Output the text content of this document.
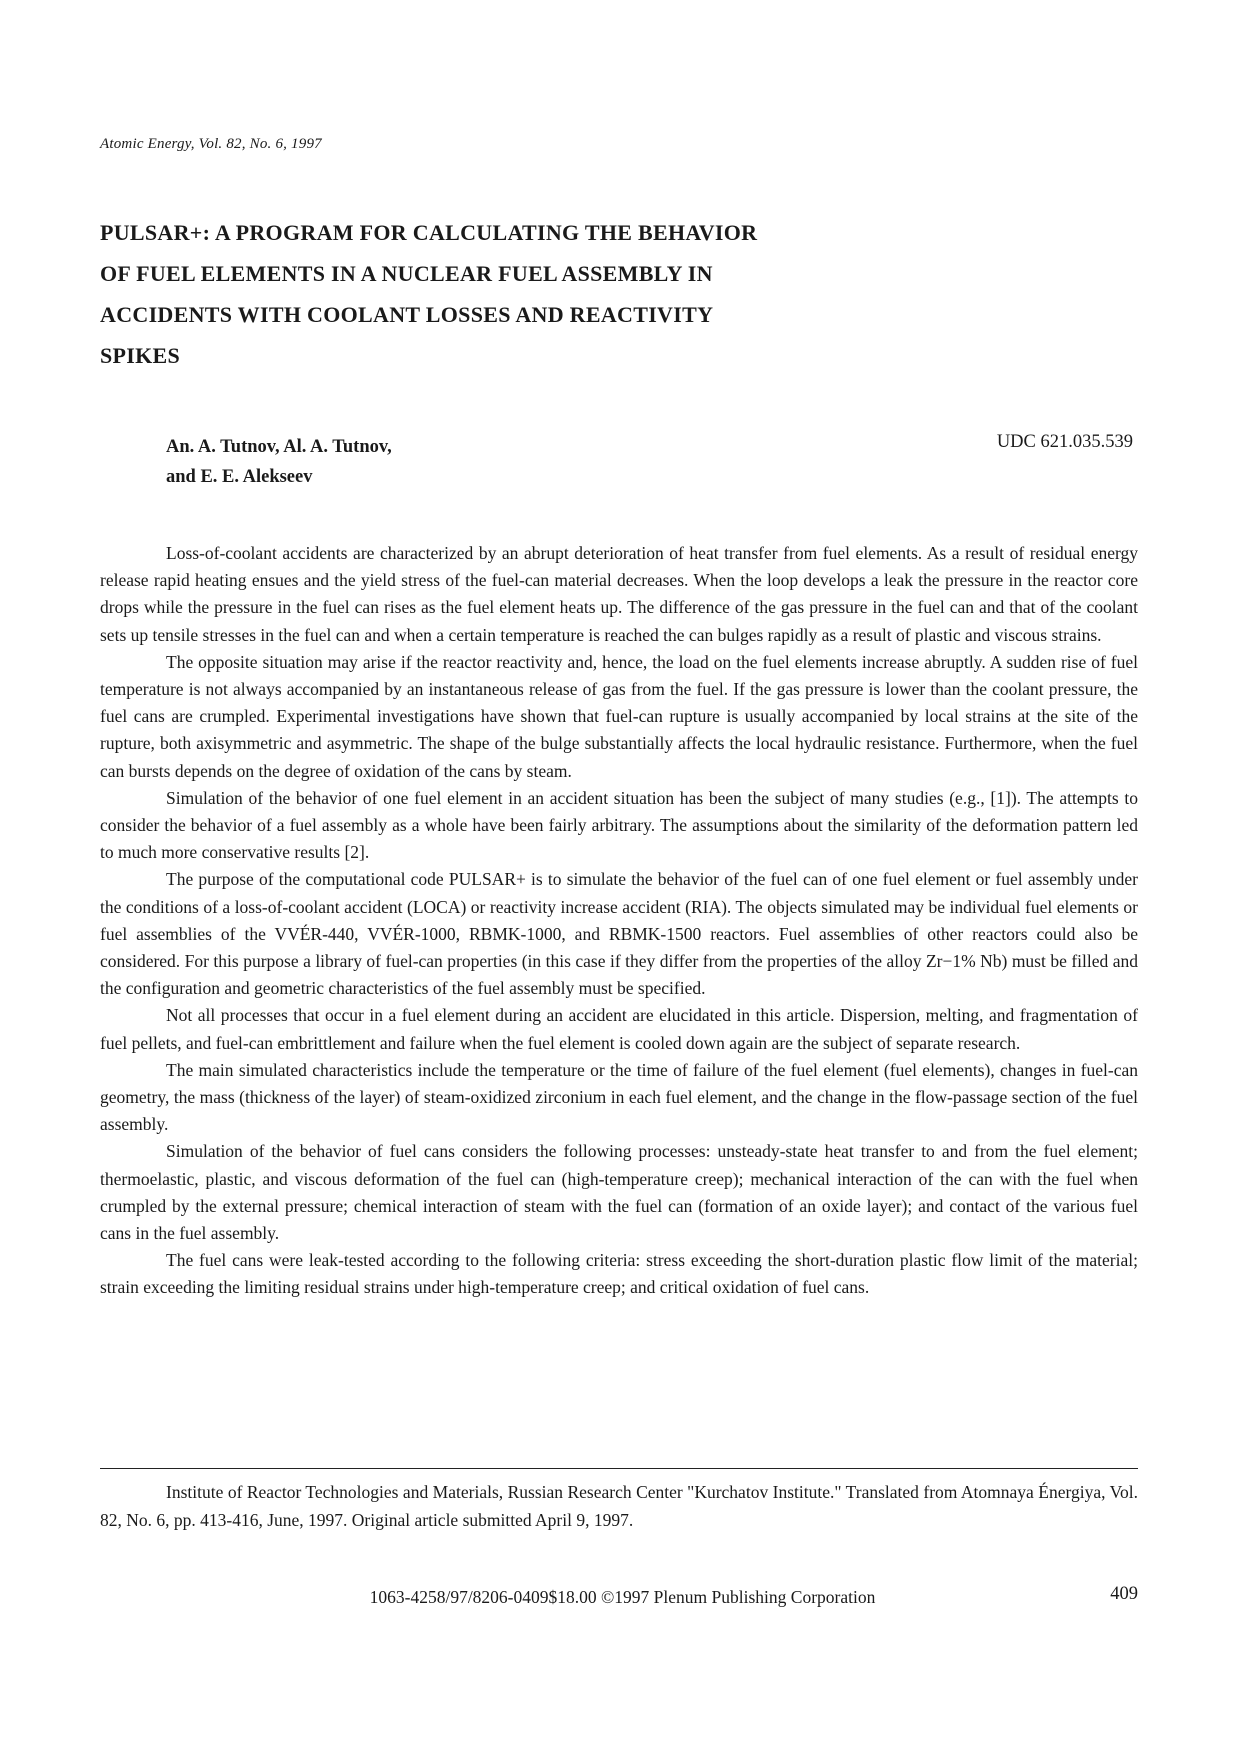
Atomic Energy, Vol. 82, No. 6, 1997
PULSAR+: A PROGRAM FOR CALCULATING THE BEHAVIOR
OF FUEL ELEMENTS IN A NUCLEAR FUEL ASSEMBLY IN
ACCIDENTS WITH COOLANT LOSSES AND REACTIVITY
SPIKES
An. A. Tutnov, Al. A. Tutnov,
and E. E. Alekseev
UDC 621.035.539

Loss-of-coolant accidents are characterized by an abrupt deterioration of heat transfer from fuel elements. As a result of residual energy release rapid heating ensues and the yield stress of the fuel-can material decreases. When the loop develops a leak the pressure in the reactor core drops while the pressure in the fuel can rises as the fuel element heats up. The difference of the gas pressure in the fuel can and that of the coolant sets up tensile stresses in the fuel can and when a certain temperature is reached the can bulges rapidly as a result of plastic and viscous strains.

The opposite situation may arise if the reactor reactivity and, hence, the load on the fuel elements increase abruptly. A sudden rise of fuel temperature is not always accompanied by an instantaneous release of gas from the fuel. If the gas pressure is lower than the coolant pressure, the fuel cans are crumpled. Experimental investigations have shown that fuel-can rupture is usually accompanied by local strains at the site of the rupture, both axisymmetric and asymmetric. The shape of the bulge substantially affects the local hydraulic resistance. Furthermore, when the fuel can bursts depends on the degree of oxidation of the cans by steam.

Simulation of the behavior of one fuel element in an accident situation has been the subject of many studies (e.g., [1]). The attempts to consider the behavior of a fuel assembly as a whole have been fairly arbitrary. The assumptions about the similarity of the deformation pattern led to much more conservative results [2].

The purpose of the computational code PULSAR+ is to simulate the behavior of the fuel can of one fuel element or fuel assembly under the conditions of a loss-of-coolant accident (LOCA) or reactivity increase accident (RIA). The objects simulated may be individual fuel elements or fuel assemblies of the VVÉR-440, VVÉR-1000, RBMK-1000, and RBMK-1500 reactors. Fuel assemblies of other reactors could also be considered. For this purpose a library of fuel-can properties (in this case if they differ from the properties of the alloy Zr−1% Nb) must be filled and the configuration and geometric characteristics of the fuel assembly must be specified.

Not all processes that occur in a fuel element during an accident are elucidated in this article. Dispersion, melting, and fragmentation of fuel pellets, and fuel-can embrittlement and failure when the fuel element is cooled down again are the subject of separate research.

The main simulated characteristics include the temperature or the time of failure of the fuel element (fuel elements), changes in fuel-can geometry, the mass (thickness of the layer) of steam-oxidized zirconium in each fuel element, and the change in the flow-passage section of the fuel assembly.

Simulation of the behavior of fuel cans considers the following processes: unsteady-state heat transfer to and from the fuel element; thermoelastic, plastic, and viscous deformation of the fuel can (high-temperature creep); mechanical interaction of the can with the fuel when crumpled by the external pressure; chemical interaction of steam with the fuel can (formation of an oxide layer); and contact of the various fuel cans in the fuel assembly.

The fuel cans were leak-tested according to the following criteria: stress exceeding the short-duration plastic flow limit of the material; strain exceeding the limiting residual strains under high-temperature creep; and critical oxidation of fuel cans.

Institute of Reactor Technologies and Materials, Russian Research Center "Kurchatov Institute." Translated from Atomnaya Énergiya, Vol. 82, No. 6, pp. 413-416, June, 1997. Original article submitted April 9, 1997.

1063-4258/97/8206-0409$18.00 ©1997 Plenum Publishing Corporation	409
